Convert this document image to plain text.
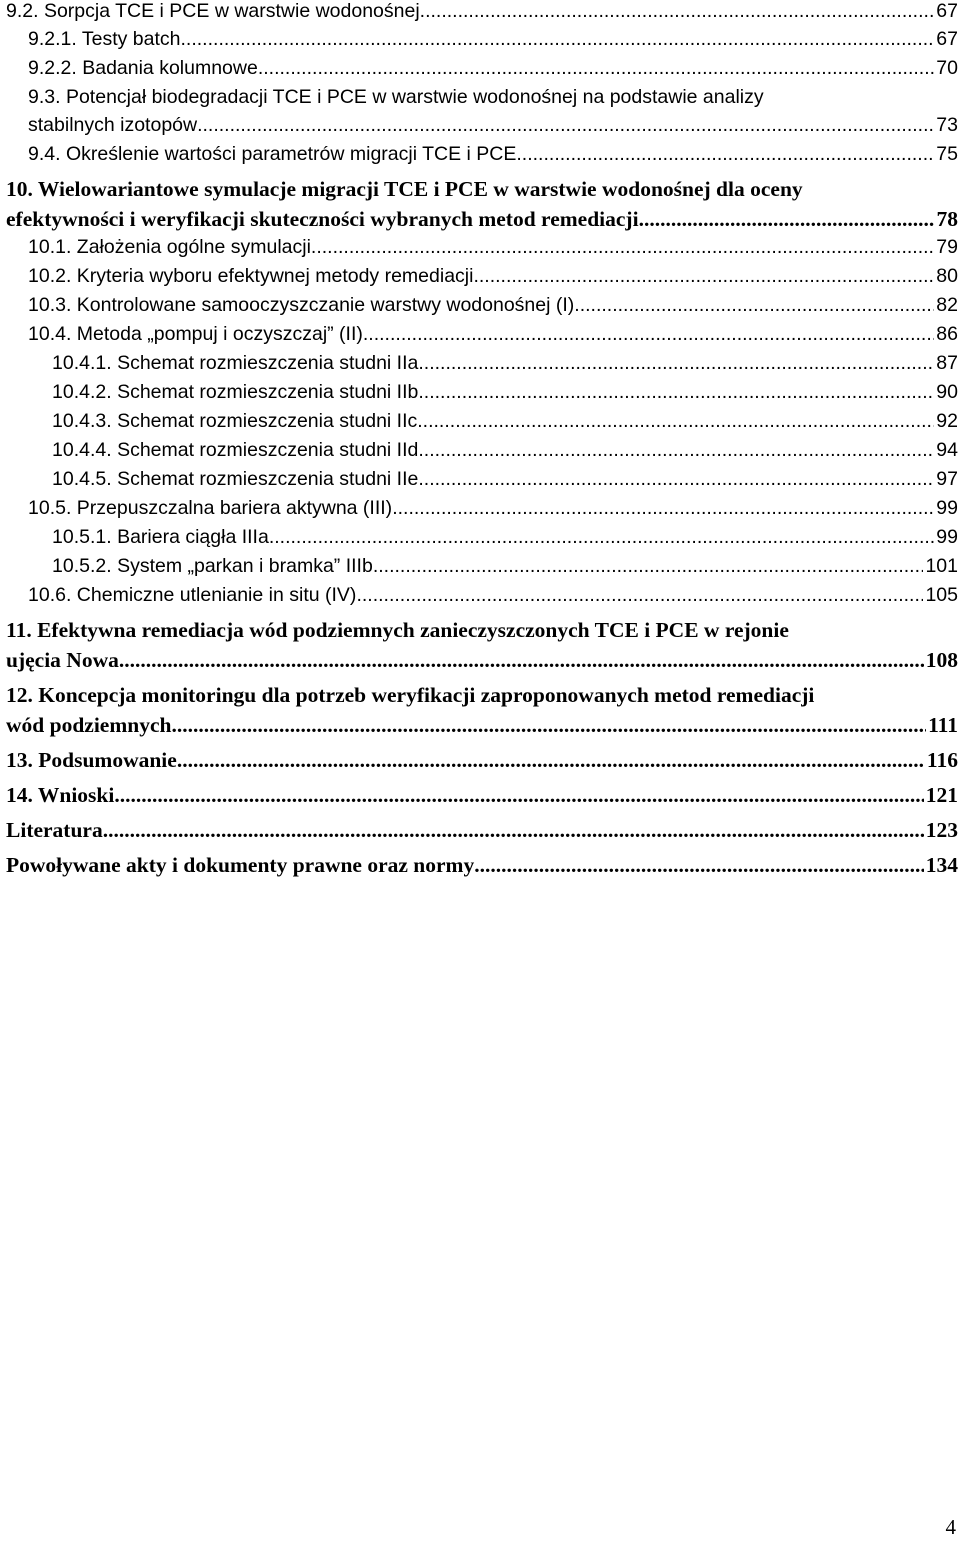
9.2. Sorpcja TCE i PCE w warstwie wodonośnej .....	67
9.2.1. Testy batch .....	67
9.2.2. Badania kolumnowe .....	70
9.3. Potencjał biodegradacji TCE i PCE w warstwie wodonośnej na podstawie analizy
stabilnych izotopów .....	73
9.4. Określenie wartości parametrów migracji TCE i PCE .....	75
10. Wielowariantowe symulacje migracji TCE i PCE w warstwie wodonośnej dla oceny
efektywności i weryfikacji skuteczności wybranych metod remediacji .....	78
10.1. Założenia ogólne symulacji .....	79
10.2. Kryteria wyboru efektywnej metody remediacji .....	80
10.3. Kontrolowane samooczyszczanie warstwy wodonośnej (I) .....	82
10.4. Metoda „pompuj i oczyszczaj” (II) .....	86
10.4.1. Schemat rozmieszczenia studni IIa .....	87
10.4.2. Schemat rozmieszczenia studni IIb .....	90
10.4.3. Schemat rozmieszczenia studni IIc .....	92
10.4.4. Schemat rozmieszczenia studni IId .....	94
10.4.5. Schemat rozmieszczenia studni IIe .....	97
10.5. Przepuszczalna bariera aktywna (III) .....	99
10.5.1. Bariera ciągła IIIa .....	99
10.5.2. System „parkan i bramka” IIIb .....	101
10.6. Chemiczne utlenianie in situ (IV) .....	105
11. Efektywna remediacja wód podziemnych zanieczyszczonych TCE i PCE w rejonie
ujęcia Nowa .....	108
12. Koncepcja monitoringu dla potrzeb weryfikacji zaproponowanych metod remediacji
wód podziemnych .....	111
13. Podsumowanie .....	116
14. Wnioski .....	121
Literatura .....	123
Powoływane akty i dokumenty prawne oraz normy .....	134
4
